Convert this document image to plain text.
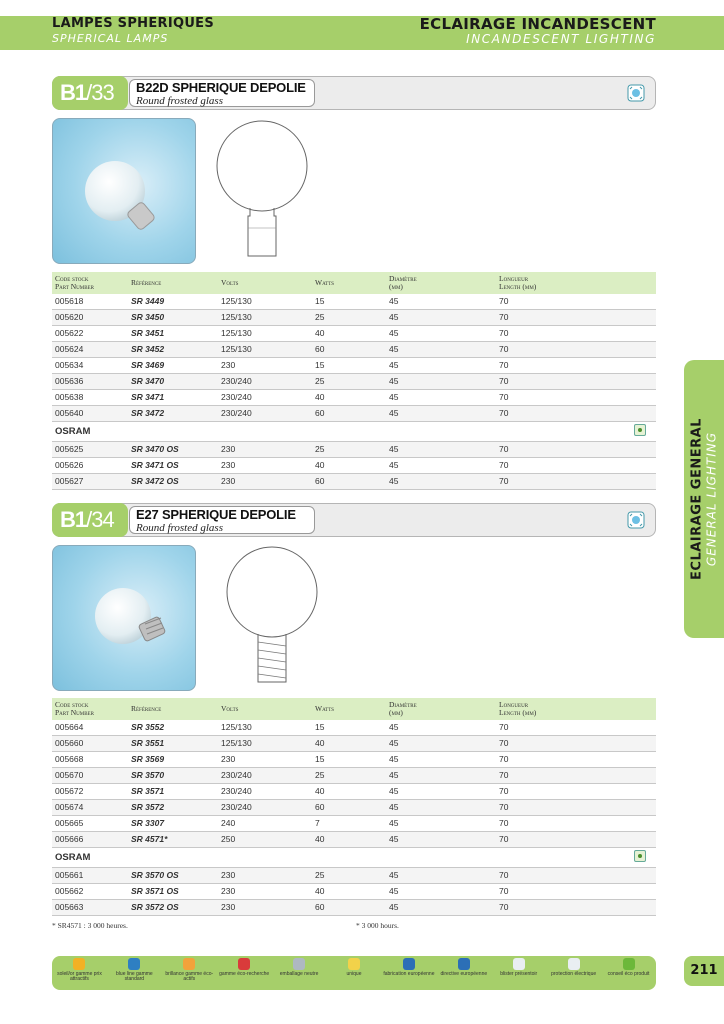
LAMPES SPHERIQUES
SPHERICAL LAMPS
ECLAIRAGE INCANDESCENT
INCANDESCENT LIGHTING
ECLAIRAGE GENERAL GENERAL LIGHTING
B1/33	B22D SPHERIQUE DEPOLIE
Round frosted glass
Code stock
Part Number	Référence	Volts	Watts	Diamètre
(mm)	Longueur
Length (mm)
005618	SR 3449	125/130	15	45	70
005620	SR 3450	125/130	25	45	70
005622	SR 3451	125/130	40	45	70
005624	SR 3452	125/130	60	45	70
005634	SR 3469	230	15	45	70
005636	SR 3470	230/240	25	45	70
005638	SR 3471	230/240	40	45	70
005640	SR 3472	230/240	60	45	70
OSRAM					

005625	SR 3470 OS	230	25	45	70
005626	SR 3471 OS	230	40	45	70
005627	SR 3472 OS	230	60	45	70
B1/34	E27 SPHERIQUE DEPOLIE
Round frosted glass
Code stock
Part Number	Référence	Volts	Watts	Diamètre
(mm)	Longueur
Length (mm)
005664	SR 3552	125/130	15	45	70
005660	SR 3551	125/130	40	45	70
005668	SR 3569	230	15	45	70
005670	SR 3570	230/240	25	45	70
005672	SR 3571	230/240	40	45	70
005674	SR 3572	230/240	60	45	70
005665	SR 3307	240	7	45	70
005666	SR 4571*	250	40	45	70
OSRAM					

005661	SR 3570 OS	230	25	45	70
005662	SR 3571 OS	230	40	45	70
005663	SR 3572 OS	230	60	45	70
* SR4571 : 3 000 heures.	* 3 000 hours.
soleil/or gamme prix attractifs
blue line gamme standard
brillance gamme éco-actifs
gamme éco-recherche	emballage neutre	unique	fabrication européenne	directive européenne	blister présentoir	protection électrique	conseil éco produit	211
